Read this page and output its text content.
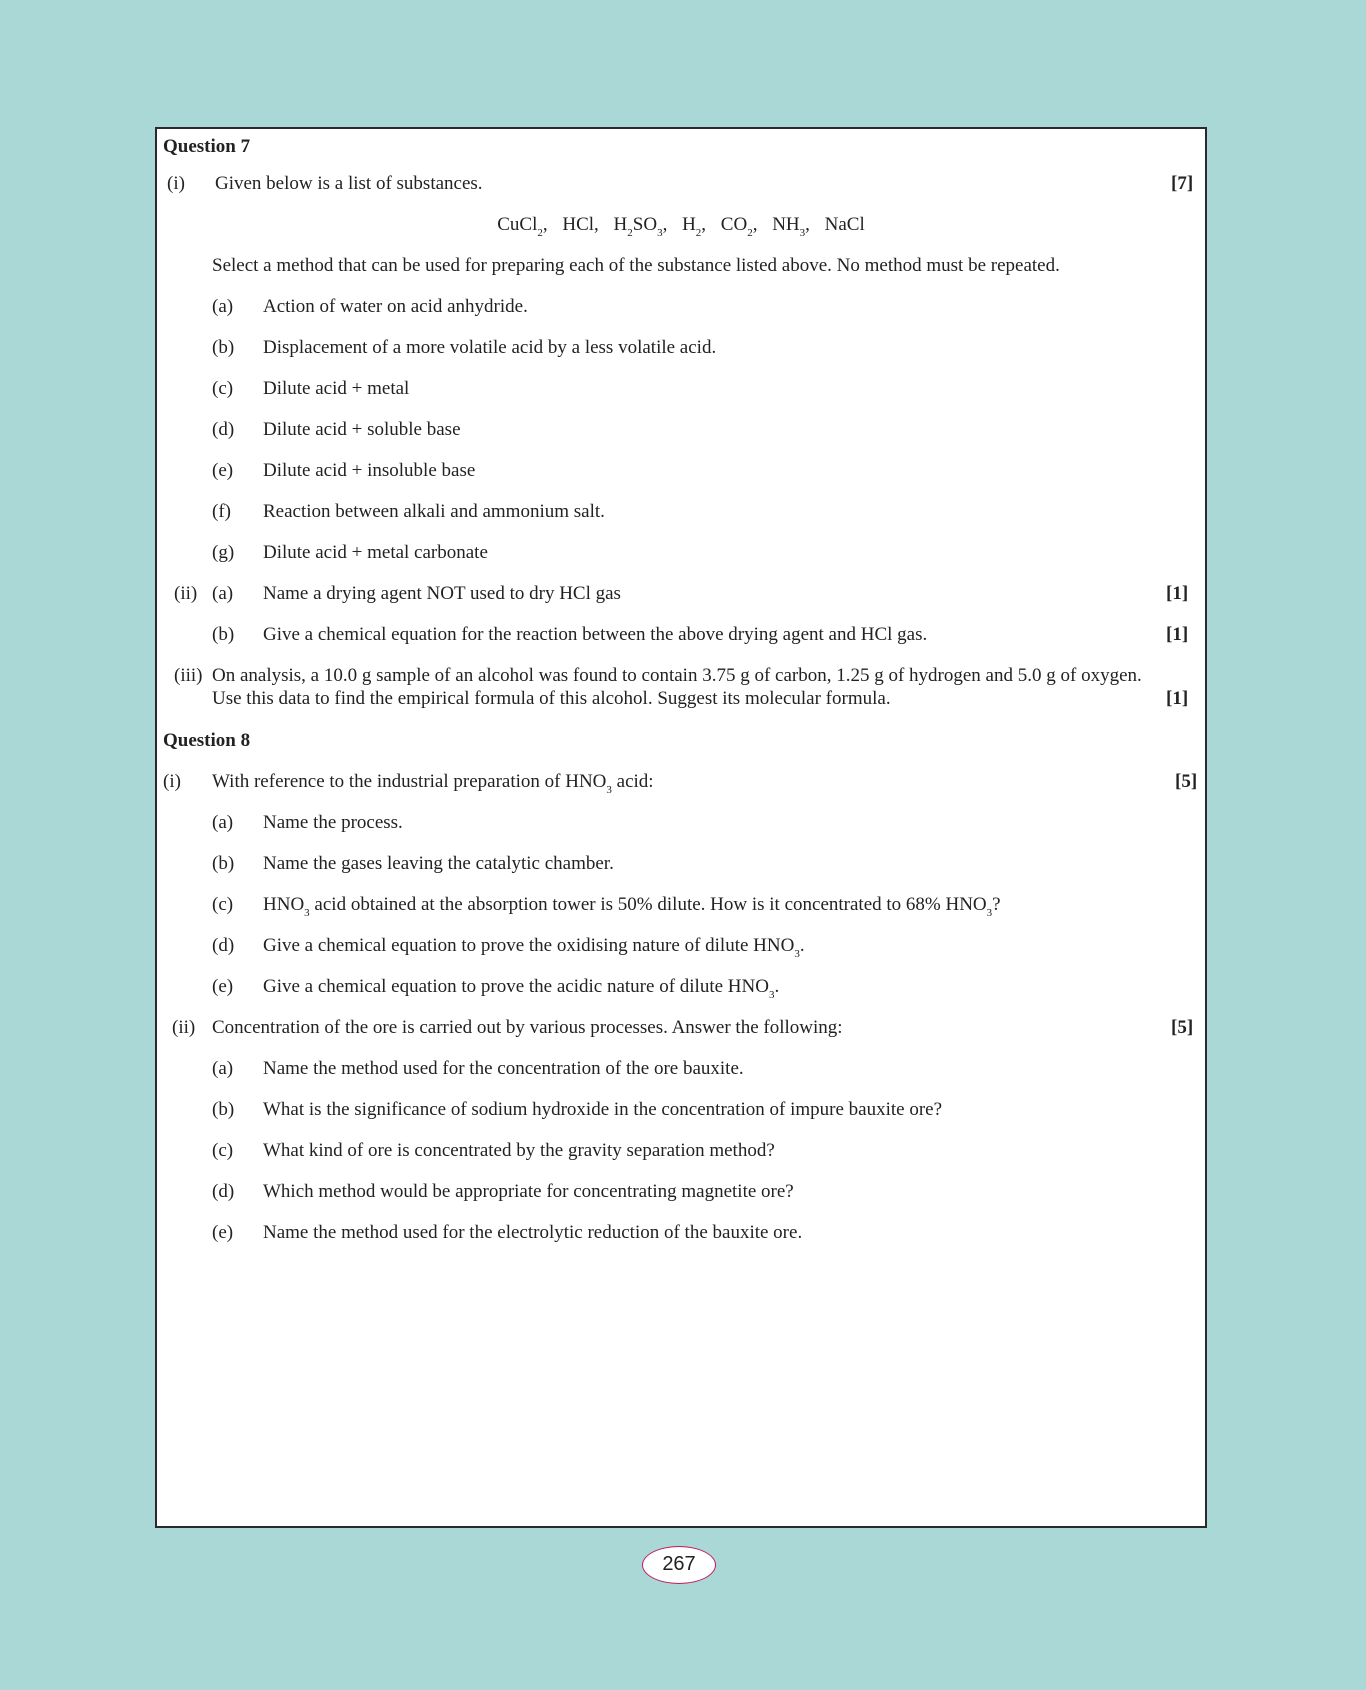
Question 7
(i) Given below is a list of substances.	[7]
CuCl$_2$, HCl, $H_2SO_3$, $H_2$, $CO_2$, $NH_3$, NaCl
Select a method that can be used for preparing each of the substance listed above. No method must be repeated.
(a) Action of water on acid anhydride.
(b) Displacement of a more volatile acid by a less volatile acid.
(c) Dilute acid + metal
(d) Dilute acid + soluble base
(e) Dilute acid + insoluble base
(f) Reaction between alkali and ammonium salt.
(g) Dilute acid + metal carbonate
(ii) (a) Name a drying agent NOT used to dry HCl gas	[1]
(b) Give a chemical equation for the reaction between the above drying agent and HCl gas.	[1]
(iii) On analysis, a 10.0 g sample of an alcohol was found to contain 3.75 g of carbon, 1.25 g of hydrogen and 5.0 g of oxygen.
Use this data to find the empirical formula of this alcohol. Suggest its molecular formula.	[1]
Question 8
(i) With reference to the industrial preparation of $HNO_3$ acid:	[5]
(a) Name the process.
(b) Name the gases leaving the catalytic chamber.
(c) $HNO_3$ acid obtained at the absorption tower is 50% dilute. How is it concentrated to 68% $HNO_3$?
(d) Give a chemical equation to prove the oxidising nature of dilute $HNO_3$.
(e) Give a chemical equation to prove the acidic nature of dilute $HNO_3$.
(ii) Concentration of the ore is carried out by various processes. Answer the following:	[5]
(a) Name the method used for the concentration of the ore bauxite.
(b) What is the significance of sodium hydroxide in the concentration of impure bauxite ore?
(c) What kind of ore is concentrated by the gravity separation method?
(d) Which method would be appropriate for concentrating magnetite ore?
(e) Name the method used for the electrolytic reduction of the bauxite ore.
267
